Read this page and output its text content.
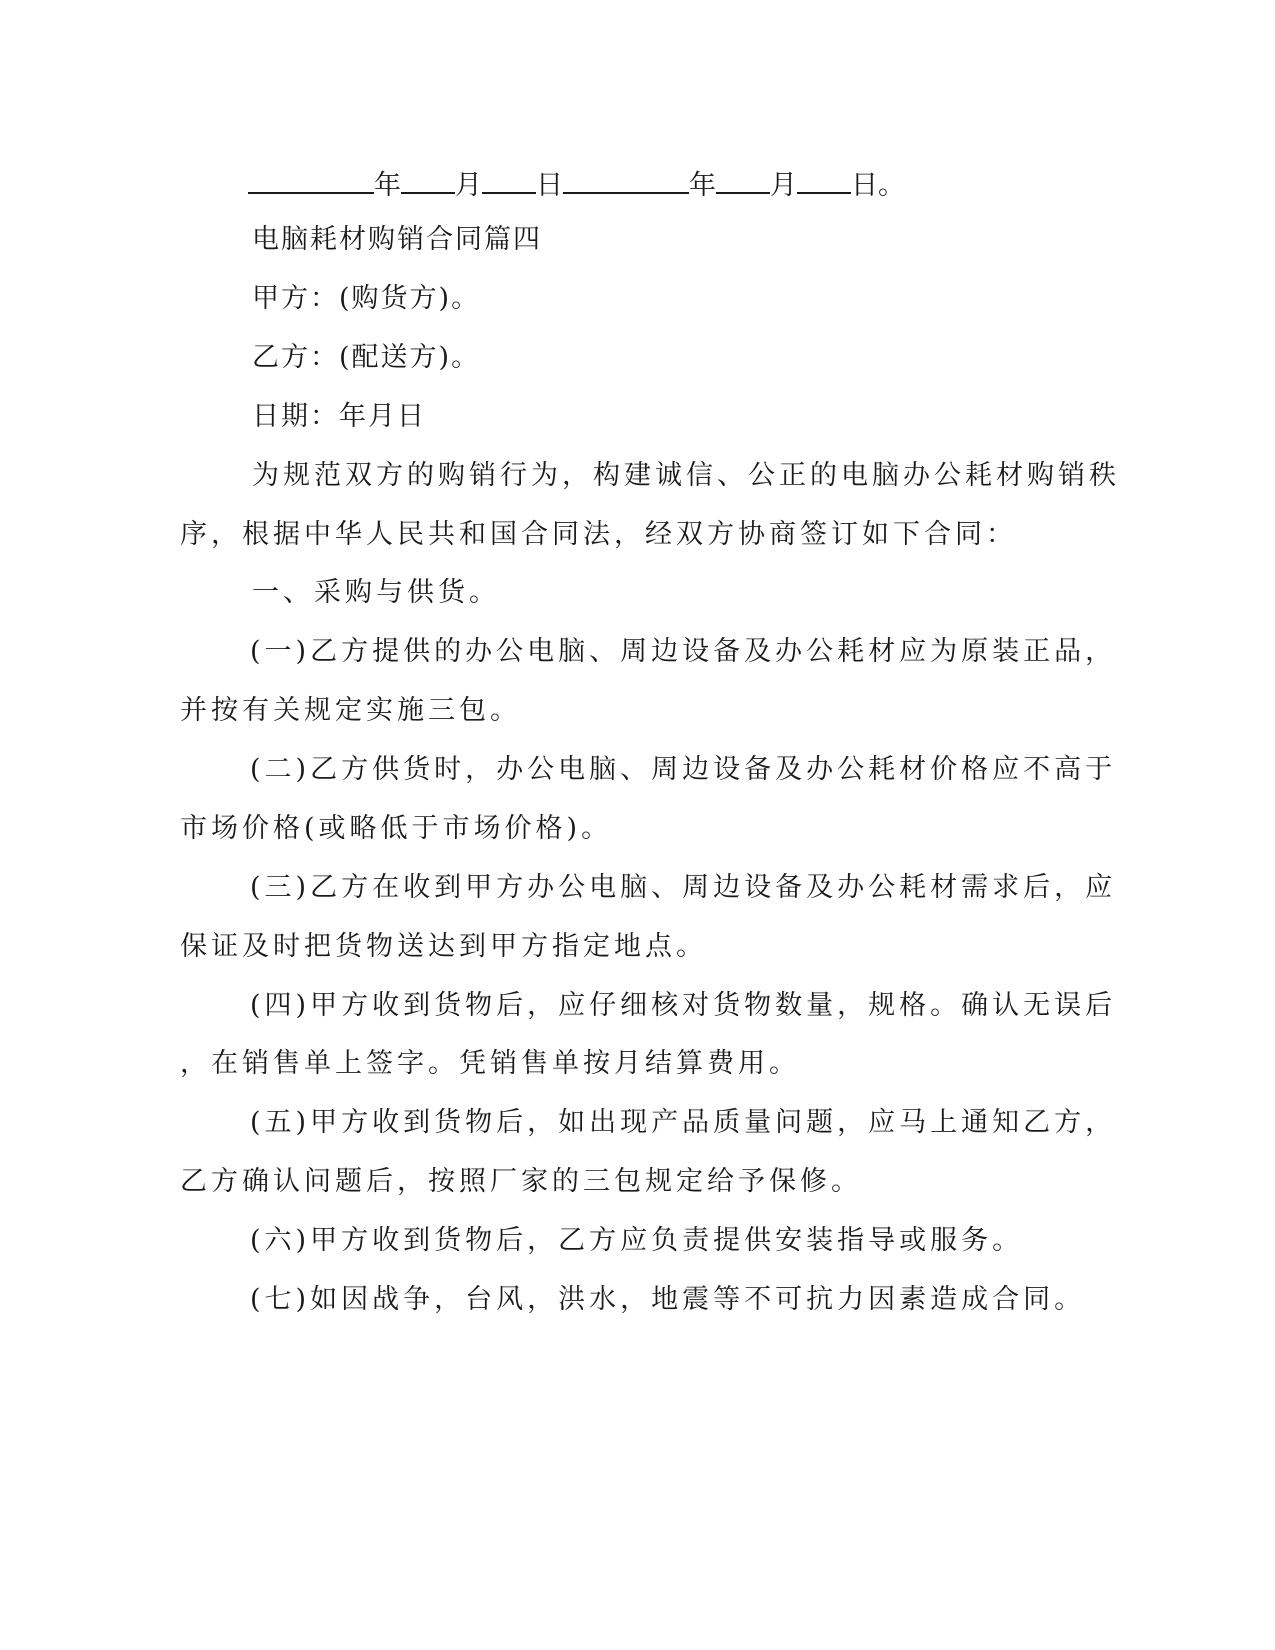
年 月 日	年 月 日。
电脑耗材购销合同篇四
甲方：(购货方)。
乙方：(配送方)。
日期：年月日
为规范双方的购销行为，构建诚信、公正的电脑办公耗材购销秩
序，根据中华人民共和国合同法，经双方协商签订如下合同：
一、采购与供货。
(一)乙方提供的办公电脑、周边设备及办公耗材应为原装正品，
并按有关规定实施三包。
(二)乙方供货时，办公电脑、周边设备及办公耗材价格应不高于
市场价格(或略低于市场价格)。
(三)乙方在收到甲方办公电脑、周边设备及办公耗材需求后，应
保证及时把货物送达到甲方指定地点。
(四)甲方收到货物后，应仔细核对货物数量，规格。确认无误后
，在销售单上签字。凭销售单按月结算费用。
(五)甲方收到货物后，如出现产品质量问题，应马上通知乙方，
乙方确认问题后，按照厂家的三包规定给予保修。
(六)甲方收到货物后，乙方应负责提供安装指导或服务。
(七)如因战争，台风，洪水，地震等不可抗力因素造成合同。
